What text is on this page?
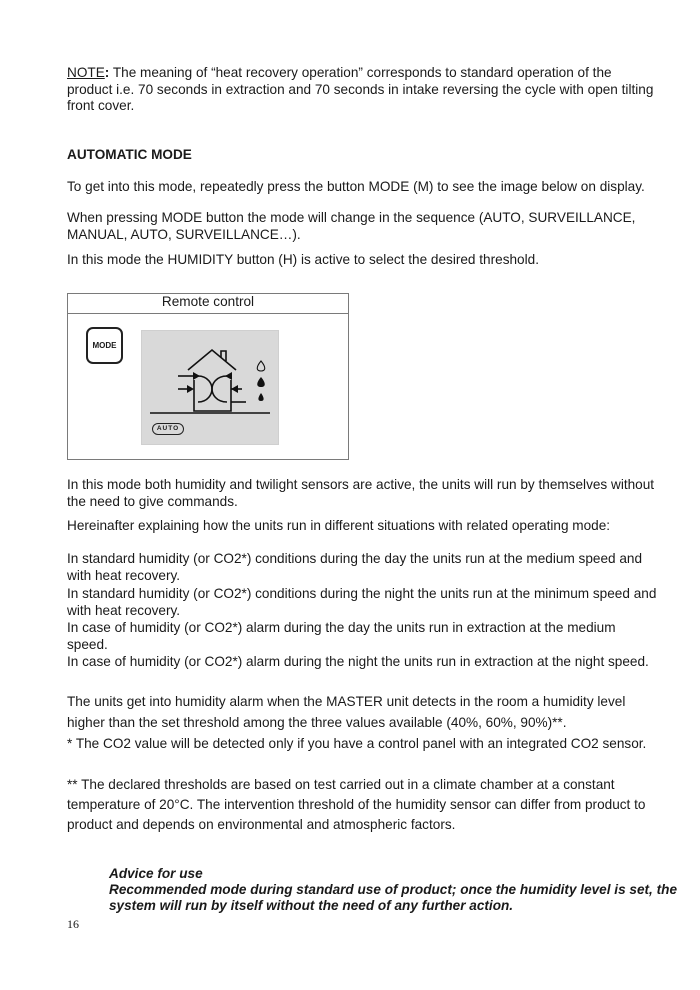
NOTE: The meaning of “heat recovery operation” corresponds to standard operation of the product i.e. 70 seconds in extraction and 70 seconds in intake reversing the cycle with open tilting front cover.
AUTOMATIC MODE
To get into this mode, repeatedly press the button MODE (M) to see the image below on display.
When pressing MODE button the mode will change in the sequence (AUTO, SURVEILLANCE, MANUAL, AUTO, SURVEILLANCE…).
In this mode the HUMIDITY button (H) is active to select the desired threshold.
Remote control
MODE
AUTO
In this mode both humidity and twilight sensors are active, the units will run by themselves without the need to give commands.
Hereinafter explaining how the units run in different situations with related operating mode:
In standard humidity (or CO2*) conditions during the day the units run at the medium speed and with heat recovery.
In standard humidity (or CO2*) conditions during the night the units run at the minimum speed and with heat recovery.
In case of humidity (or CO2*) alarm during the day the units run in extraction at the medium speed.
In case of humidity (or CO2*) alarm during the night the units run in extraction at the night speed.
The units get into humidity alarm when the MASTER unit detects in the room a humidity level higher than the set threshold among the three values available (40%, 60%, 90%)**.
* The CO2 value will be detected only if you have a control panel with an integrated CO2 sensor.
** The declared thresholds are based on test carried out in a climate chamber at a constant temperature of 20°C. The intervention threshold of the humidity sensor can differ from product to product and depends on environmental and atmospheric factors.
Advice for use
Recommended mode during standard use of product; once the humidity level is set, the system will run by itself without the need of any further action.
16
